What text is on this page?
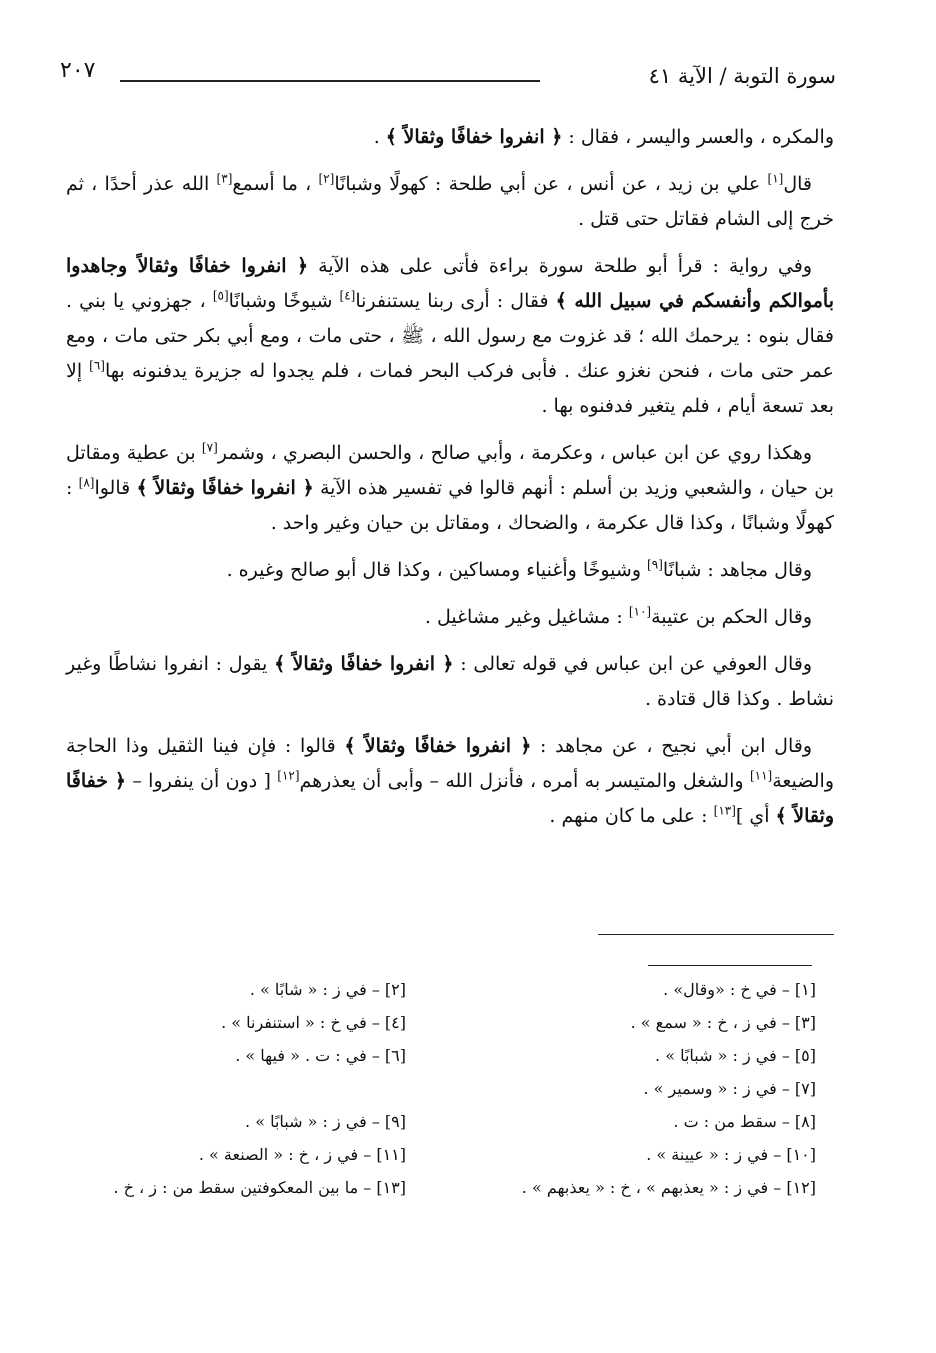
سورة التوبة / الآية ٤١
٢٠٧

والمكره ، والعسر واليسر ، فقال : ﴿ انفروا خفافًا وثقالاً ﴾ .

قال[١] علي بن زيد ، عن أنس ، عن أبي طلحة : كهولًا وشبانًا[٢] ، ما أسمع[٣] الله عذر أحدًا ، ثم خرج إلى الشام فقاتل حتى قتل .

وفي رواية : قرأ أبو طلحة سورة براءة فأتى على هذه الآية ﴿ انفروا خفافًا وثقالاً وجاهدوا بأموالكم وأنفسكم في سبيل الله ﴾ فقال : أرى ربنا يستنفرنا[٤] شيوخًا وشبانًا[٥] ، جهزوني يا بني . فقال بنوه : يرحمك الله ؛ قد غزوت مع رسول الله ، ﷺ ، حتى مات ، ومع أبي بكر حتى مات ، ومع عمر حتى مات ، فنحن نغزو عنك . فأبى فركب البحر فمات ، فلم يجدوا له جزيرة يدفنونه بها[٦] إلا بعد تسعة أيام ، فلم يتغير فدفنوه بها .

وهكذا روي عن ابن عباس ، وعكرمة ، وأبي صالح ، والحسن البصري ، وشمر[٧] بن عطية ومقاتل بن حيان ، والشعبي وزيد بن أسلم : أنهم قالوا في تفسير هذه الآية ﴿ انفروا خفافًا وثقالاً ﴾ قالوا[٨] : كهولًا وشبانًا ، وكذا قال عكرمة ، والضحاك ، ومقاتل بن حيان وغير واحد .

وقال مجاهد : شبانًا[٩] وشيوخًا وأغنياء ومساكين ، وكذا قال أبو صالح وغيره .

وقال الحكم بن عتيبة[١٠] : مشاغيل وغير مشاغيل .

وقال العوفي عن ابن عباس في قوله تعالى : ﴿ انفروا خفافًا وثقالاً ﴾ يقول : انفروا نشاطًا وغير نشاط . وكذا قال قتادة .

وقال ابن أبي نجيح ، عن مجاهد : ﴿ انفروا خفافًا وثقالاً ﴾ قالوا : فإن فينا الثقيل وذا الحاجة والضيعة[١١] والشغل والمتيسر به أمره ، فأنزل الله – وأبى أن يعذرهم[١٢] [ دون أن ينفروا – ﴿ خفافًا وثقالاً ﴾ أي ][١٣] : على ما كان منهم .

[١] – في خ : «وقال» .
[٢] – في ز : « شابًا » .
[٣] – في ز ، خ : « سمع » .
[٤] – في خ : « استنفرنا » .
[٥] – في ز : « شبابًا » .
[٦] – في : ت . « فيها » .
[٧] – في ز : « وسمير » .
[٨] – سقط من : ت .
[٩] – في ز : « شبابًا » .
[١٠] – في ز : « عيينة » .
[١١] – في ز ، خ : « الصنعة » .
[١٢] – في ز : « يعذبهم » ، خ : « يعذبهم » .
[١٣] – ما بين المعكوفتين سقط من : ز ، خ .
